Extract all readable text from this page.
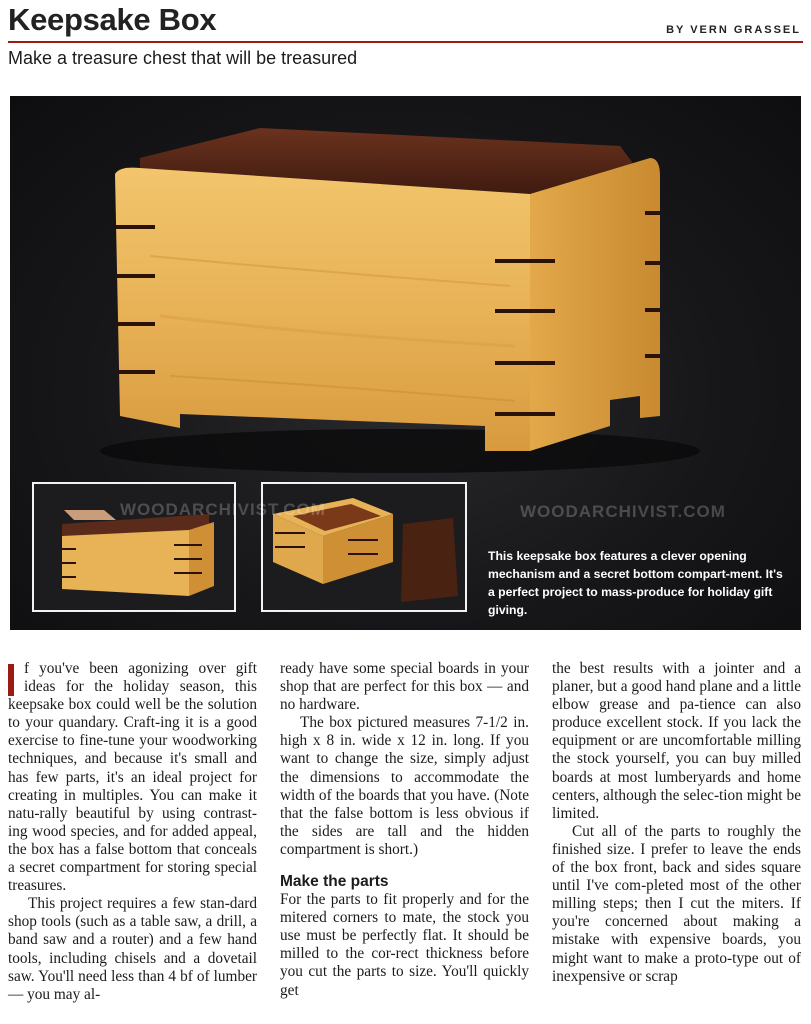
Keepsake Box	BY VERN GRASSEL
Make a treasure chest that will be treasured
WOODARCHIVIST.COM	WOODARCHIVIST.COM
This keepsake box features a clever opening mechanism and a secret bottom compart-ment. It's a perfect project to mass-produce for holiday gift giving.

f you've been agonizing over gift ideas for the holiday season, this keepsake box could well be the solution to your quandary. Craft-ing it is a good exercise to fine-tune your woodworking techniques, and because it's small and has few parts, it's an ideal project for creating in multiples. You can make it natu-rally beautiful by using contrast-ing wood species, and for added appeal, the box has a false bottom that conceals a secret compartment for storing special treasures.

This project requires a few stan-dard shop tools (such as a table saw, a drill, a band saw and a router) and a few hand tools, including chisels and a dovetail saw. You'll need less than 4 bf of lumber — you may al-

ready have some special boards in your shop that are perfect for this box — and no hardware.

The box pictured measures 7-1/2 in. high x 8 in. wide x 12 in. long. If you want to change the size, simply adjust the dimensions to accommodate the width of the boards that you have. (Note that the false bottom is less obvious if the sides are tall and the hidden compartment is short.)

Make the parts

For the parts to fit properly and for the mitered corners to mate, the stock you use must be perfectly flat. It should be milled to the cor-rect thickness before you cut the parts to size. You'll quickly get

the best results with a jointer and a planer, but a good hand plane and a little elbow grease and pa-tience can also produce excellent stock. If you lack the equipment or are uncomfortable milling the stock yourself, you can buy milled boards at most lumberyards and home centers, although the selec-tion might be limited.

Cut all of the parts to roughly the finished size. I prefer to leave the ends of the box front, back and sides square until I've com-pleted most of the other milling steps; then I cut the miters. If you're concerned about making a mistake with expensive boards, you might want to make a proto-type out of inexpensive or scrap
